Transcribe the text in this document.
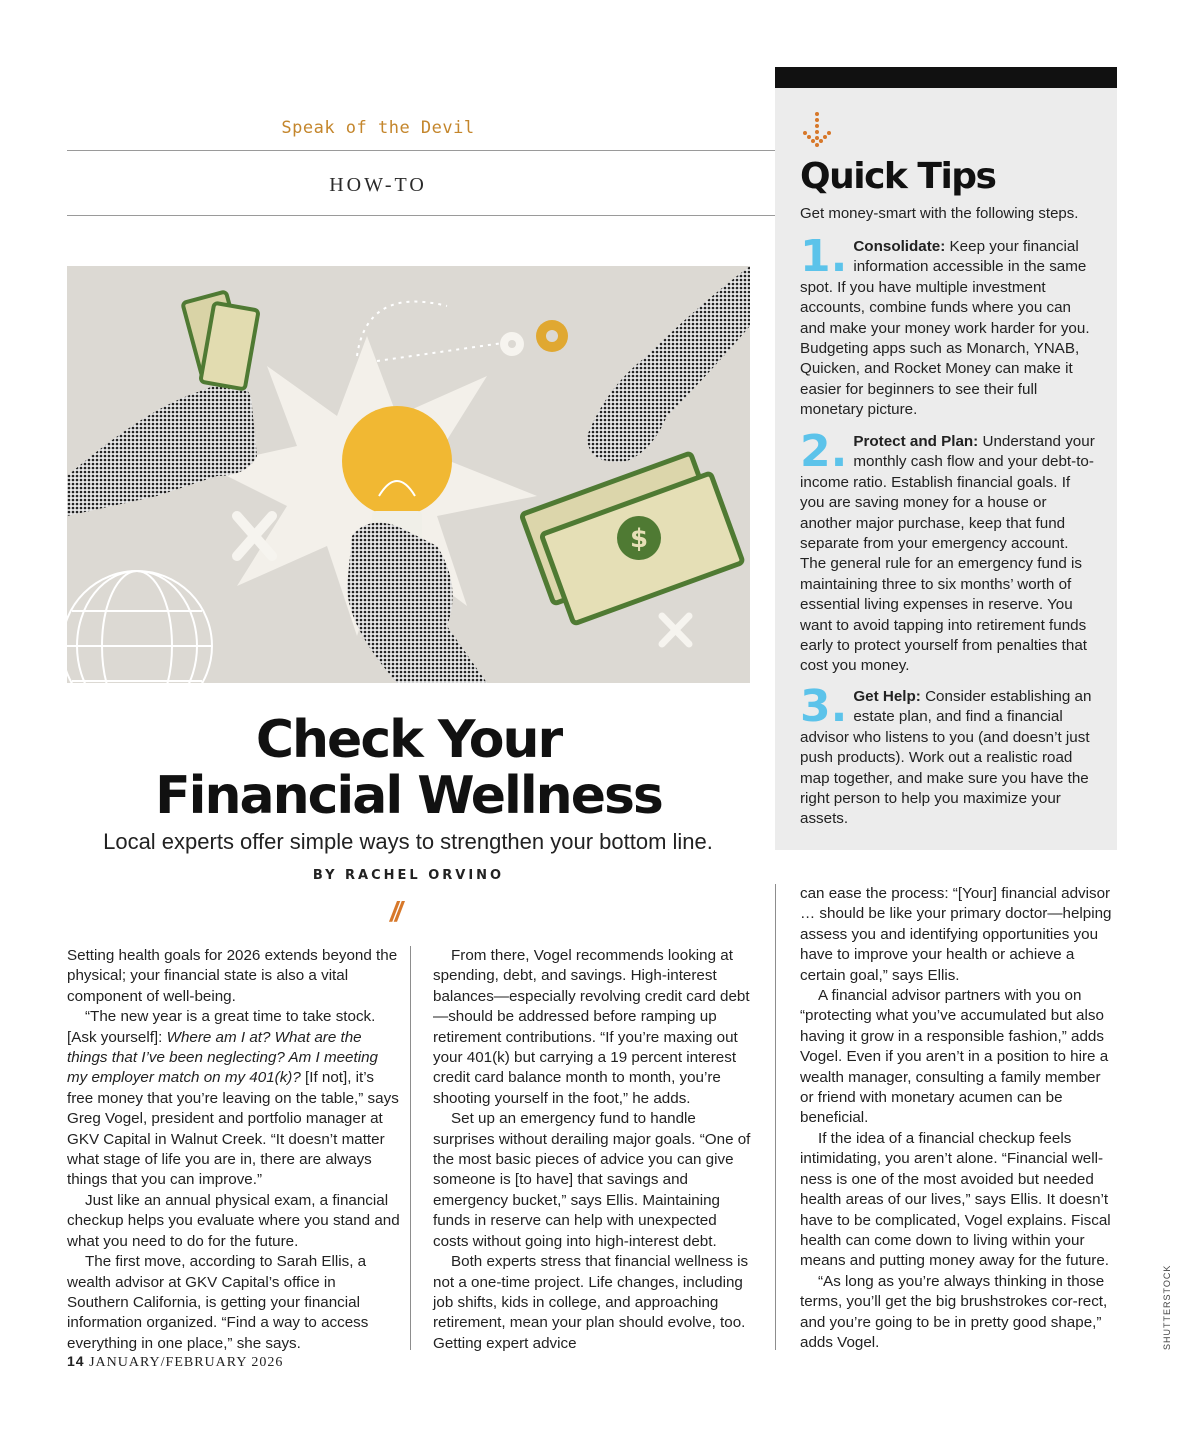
Speak of the Devil
HOW-TO
$
Check Your
Financial Wellness
Local experts offer simple ways to strengthen your bottom line.
BY RACHEL ORVINO
//

Setting health goals for 2026 extends beyond the physical; your financial state is also a vital component of well-being.

“The new year is a great time to take stock. [Ask yourself]: Where am I at? What are the things that I’ve been neglecting? Am I meeting my employer match on my 401(k)? [If not], it’s free money that you’re leaving on the table,” says Greg Vogel, president and portfolio manager at GKV Capital in Walnut Creek. “It doesn’t matter what stage of life you are in, there are always things that you can improve.”

Just like an annual physical exam, a financial checkup helps you evaluate where you stand and what you need to do for the future.

The first move, according to Sarah Ellis, a wealth advisor at GKV Capital’s office in Southern California, is getting your financial information organized. “Find a way to access everything in one place,” she says.

From there, Vogel recommends looking at spending, debt, and savings. High-interest balances—especially revolving credit card debt—should be addressed before ramping up retirement contributions. “If you’re maxing out your 401(k) but carrying a 19 percent interest credit card balance month to month, you’re shooting yourself in the foot,” he adds.

Set up an emergency fund to handle surprises without derailing major goals. “One of the most basic pieces of advice you can give someone is [to have] that savings and emergency bucket,” says Ellis. Maintaining funds in reserve can help with unexpected costs without going into high-interest debt.

Both experts stress that financial wellness is not a one-time project. Life changes, including job shifts, kids in college, and approaching retirement, mean your plan should evolve, too. Getting expert advice

can ease the process: “[Your] financial advisor … should be like your primary doctor—helping assess you and identifying opportunities you have to improve your health or achieve a certain goal,” says Ellis.

A financial advisor partners with you on “protecting what you’ve accumulated but also having it grow in a responsible fashion,” adds Vogel. Even if you aren’t in a position to hire a wealth manager, consulting a family member or friend with monetary acumen can be beneficial.

If the idea of a financial checkup feels intimidating, you aren’t alone. “Financial well-ness is one of the most avoided but needed health areas of our lives,” says Ellis. It doesn’t have to be complicated, Vogel explains. Fiscal health can come down to living within your means and putting money away for the future.

“As long as you’re always thinking in those terms, you’ll get the big brushstrokes cor-rect, and you’re going to be in pretty good shape,” adds Vogel.

Quick Tips
Get money-smart with the following steps.
1. Consolidate: Keep your financial information accessible in the same spot. If you have multiple investment accounts, combine funds where you can and make your money work harder for you. Budgeting apps such as Monarch, YNAB, Quicken, and Rocket Money can make it easier for beginners to see their full monetary picture.
2. Protect and Plan: Understand your monthly cash flow and your debt-to-income ratio. Establish financial goals. If you are saving money for a house or another major purchase, keep that fund separate from your emergency account. The general rule for an emergency fund is maintaining three to six months’ worth of essential living expenses in reserve. You want to avoid tapping into retirement funds early to protect yourself from penalties that cost you money.
3. Get Help: Consider establishing an estate plan, and find a financial advisor who listens to you (and doesn’t just push products). Work out a realistic road map together, and make sure you have the right person to help you maximize your assets.
14 JANUARY/FEBRUARY 2026
SHUTTERSTOCK
